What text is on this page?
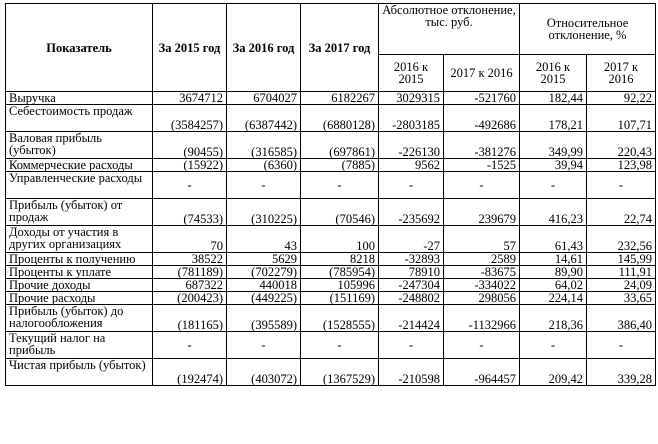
Показатель	За 2015 год	За 2016 год	За 2017 год	Абсолютное отклонение, тыс. руб.		Относительное отклонение, %	
				2016 к 2015	2017 к 2016	2016 к 2015	2017 к 2016
Выручка	3674712	6704027	6182267	3029315	-521760	182,44	92,22
Себестоимость продаж	(3584257)	(6387442)	(6880128)	-2803185	-492686	178,21	107,71
Валовая прибыль (убыток)	(90455)	(316585)	(697861)	-226130	-381276	349,99	220,43
Коммерческие расходы	(15922)	(6360)	(7885)	9562	-1525	39,94	123,98
Управленческие расходы	-	-	-	-	-	-	-
Прибыль (убыток) от продаж	(74533)	(310225)	(70546)	-235692	239679	416,23	22,74
Доходы от участия в других организациях	70	43	100	-27	57	61,43	232,56
Проценты к получению	38522	5629	8218	-32893	2589	14,61	145,99
Проценты к уплате	(781189)	(702279)	(785954)	78910	-83675	89,90	111,91
Прочие доходы	687322	440018	105996	-247304	-334022	64,02	24,09
Прочие расходы	(200423)	(449225)	(151169)	-248802	298056	224,14	33,65
Прибыль (убыток) до налогообложения	(181165)	(395589)	(1528555)	-214424	-1132966	218,36	386,40
Текущий налог на прибыль	-	-	-	-	-	-	-
Чистая прибыль (убыток)	(192474)	(403072)	(1367529)	-210598	-964457	209,42	339,28
